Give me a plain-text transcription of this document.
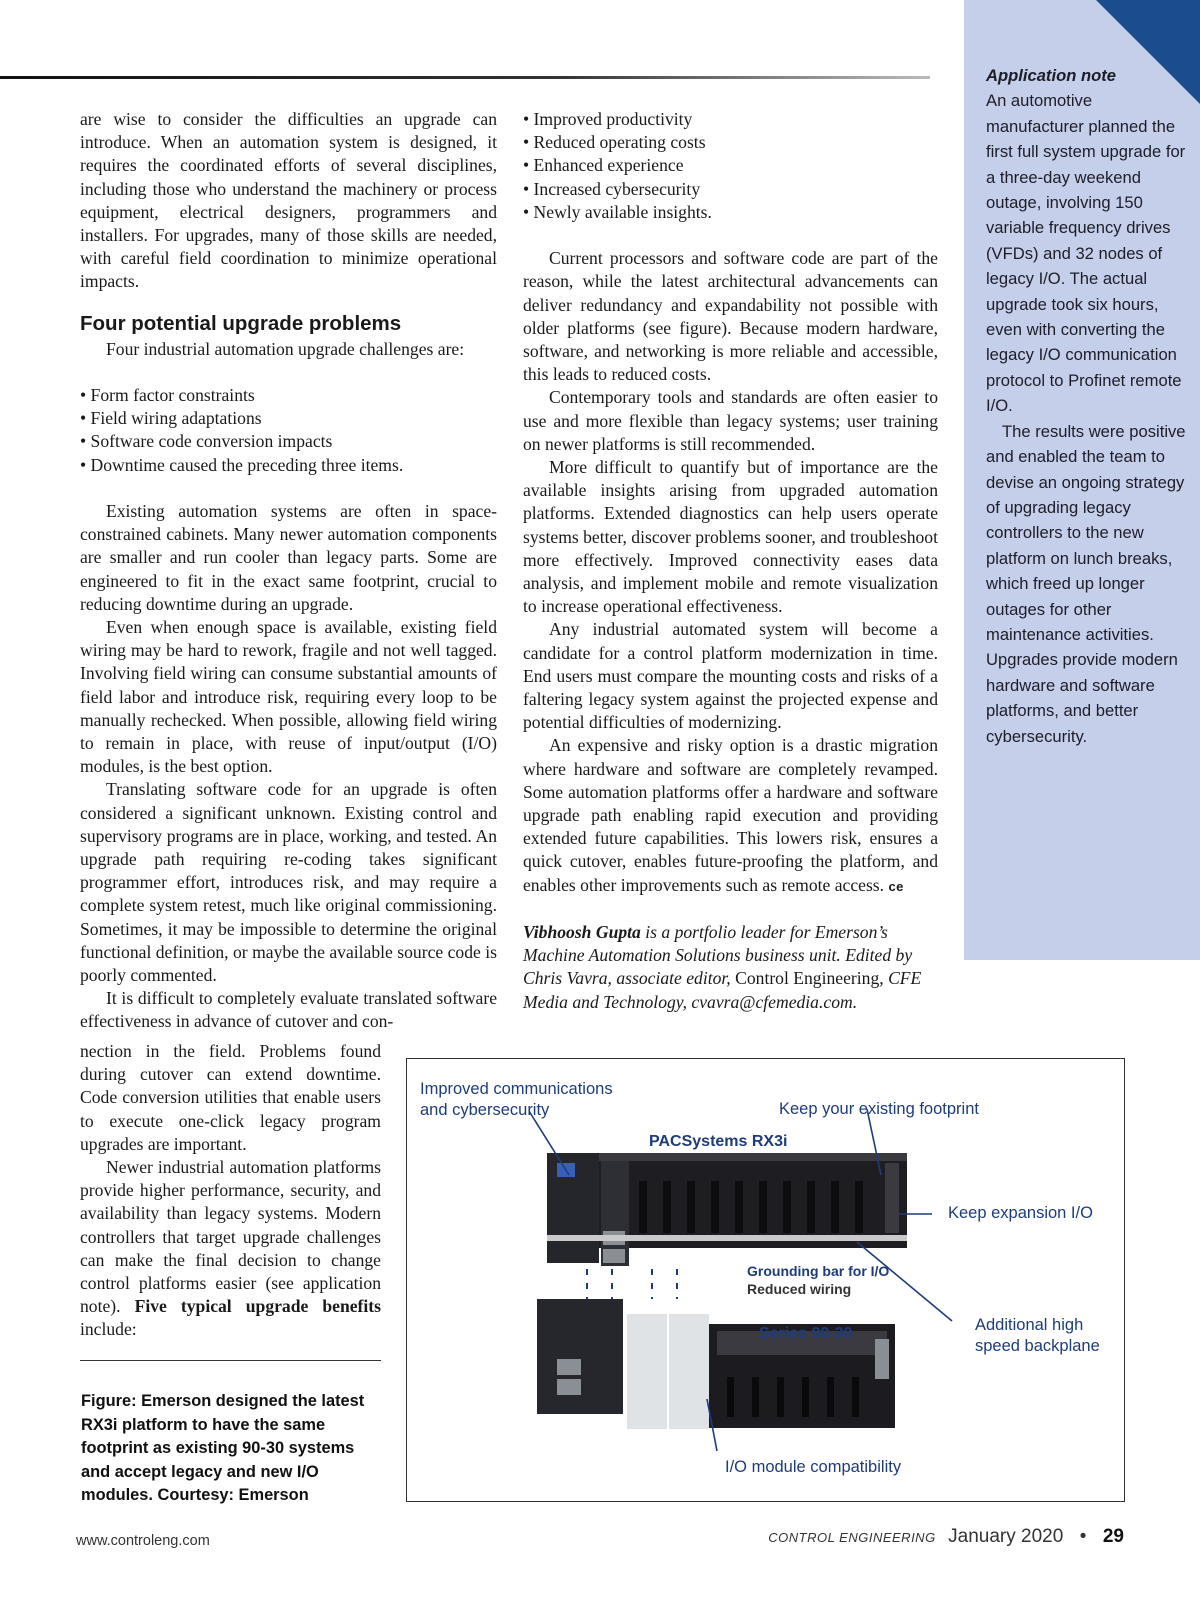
Application note

An automotive manufacturer planned the first full system upgrade for a three-day weekend outage, involving 150 variable frequency drives (VFDs) and 32 nodes of legacy I/O. The actual upgrade took six hours, even with converting the legacy I/O communication protocol to Profinet remote I/O.

The results were positive and enabled the team to devise an ongoing strategy of upgrading legacy controllers to the new platform on lunch breaks, which freed up longer outages for other maintenance activities. Upgrades provide modern hardware and software platforms, and better cybersecurity.

are wise to consider the difficulties an upgrade can introduce. When an automation system is designed, it requires the coordinated efforts of several disciplines, including those who understand the machinery or process equipment, electrical designers, programmers and installers. For upgrades, many of those skills are needed, with careful field coordination to minimize operational impacts.

Four potential upgrade problems

Four industrial automation upgrade challenges are:

• Form factor constraints
• Field wiring adaptations
• Software code conversion impacts
• Downtime caused the preceding three items.

Existing automation systems are often in space-constrained cabinets. Many newer automation components are smaller and run cooler than legacy parts. Some are engineered to fit in the exact same footprint, crucial to reducing downtime during an upgrade.

Even when enough space is available, existing field wiring may be hard to rework, fragile and not well tagged. Involving field wiring can consume substantial amounts of field labor and introduce risk, requiring every loop to be manually rechecked. When possible, allowing field wiring to remain in place, with reuse of input/output (I/O) modules, is the best option.

Translating software code for an upgrade is often considered a significant unknown. Existing control and supervisory programs are in place, working, and tested. An upgrade path requiring re-coding takes significant programmer effort, introduces risk, and may require a complete system retest, much like original commissioning. Sometimes, it may be impossible to determine the original functional definition, or maybe the available source code is poorly commented.

It is difficult to completely evaluate translated software effectiveness in advance of cutover and con-

nection in the field. Problems found during cutover can extend downtime. Code conversion utilities that enable users to execute one-click legacy program upgrades are important.

Newer industrial automation platforms provide higher performance, security, and availability than legacy systems. Modern controllers that target upgrade challenges can make the final decision to change control platforms easier (see application note). Five typical upgrade benefits include:

Figure: Emerson designed the latest RX3i platform to have the same footprint as existing 90-30 systems and accept legacy and new I/O modules. Courtesy: Emerson
• Improved productivity
• Reduced operating costs
• Enhanced experience
• Increased cybersecurity
• Newly available insights.

Current processors and software code are part of the reason, while the latest architectural advancements can deliver redundancy and expandability not possible with older platforms (see figure). Because modern hardware, software, and networking is more reliable and accessible, this leads to reduced costs.

Contemporary tools and standards are often easier to use and more flexible than legacy systems; user training on newer platforms is still recommended.

More difficult to quantify but of importance are the available insights arising from upgraded automation platforms. Extended diagnostics can help users operate systems better, discover problems sooner, and troubleshoot more effectively. Improved connectivity eases data analysis, and implement mobile and remote visualization to increase operational effectiveness.

Any industrial automated system will become a candidate for a control platform modernization in time. End users must compare the mounting costs and risks of a faltering legacy system against the projected expense and potential difficulties of modernizing.

An expensive and risky option is a drastic migration where hardware and software are completely revamped. Some automation platforms offer a hardware and software upgrade path enabling rapid execution and providing extended future capabilities. This lowers risk, ensures a quick cutover, enables future-proofing the platform, and enables other improvements such as remote access. ce

Vibhoosh Gupta is a portfolio leader for Emerson’s Machine Automation Solutions business unit. Edited by Chris Vavra, associate editor, Control Engineering, CFE Media and Technology, cvavra@cfemedia.com.

Improved communications
and cybersecurity	Keep your existing footprint
PACSystems RX3i
Keep expansion I/O
Grounding bar for I/O
Reduced wiring
Series 90-30	Additional high
speed backplane
I/O module compatibility
www.controleng.com	CONTROL ENGINEERING January 2020 • 29
